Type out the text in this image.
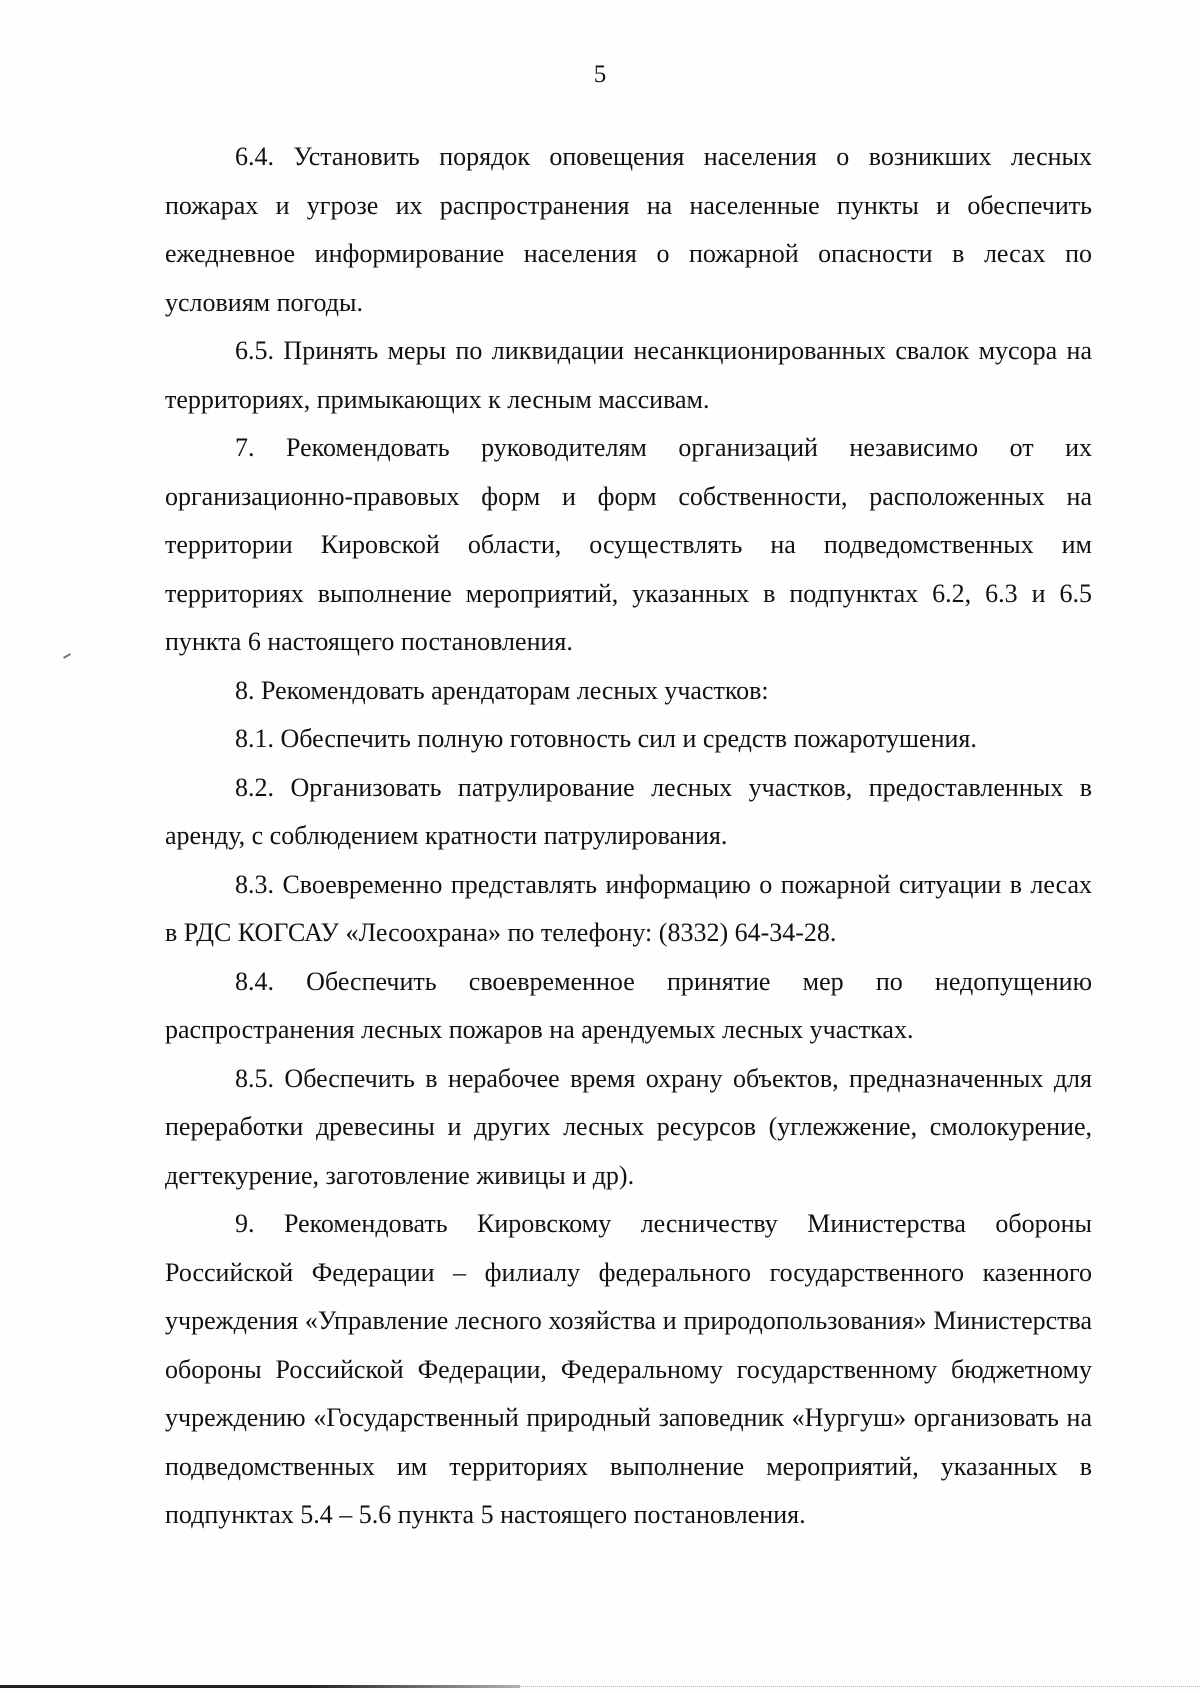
5

6.4. Установить порядок оповещения населения о возникших лесных пожарах и угрозе их распространения на населенные пункты и обеспечить ежедневное информирование населения о пожарной опасности в лесах по условиям погоды.

6.5. Принять меры по ликвидации несанкционированных свалок мусора на территориях, примыкающих к лесным массивам.

7. Рекомендовать руководителям организаций независимо от их организационно-правовых форм и форм собственности, расположенных на территории Кировской области, осуществлять на подведомственных им территориях выполнение мероприятий, указанных в подпунктах 6.2, 6.3 и 6.5 пункта 6 настоящего постановления.

8. Рекомендовать арендаторам лесных участков:

8.1. Обеспечить полную готовность сил и средств пожаротушения.

8.2. Организовать патрулирование лесных участков, предоставленных в аренду, с соблюдением кратности патрулирования.

8.3. Своевременно представлять информацию о пожарной ситуации в лесах в РДС КОГСАУ «Лесоохрана» по телефону: (8332) 64-34-28.

8.4. Обеспечить своевременное принятие мер по недопущению распространения лесных пожаров на арендуемых лесных участках.

8.5. Обеспечить в нерабочее время охрану объектов, предназначенных для переработки древесины и других лесных ресурсов (углежжение, смолокурение, дегтекурение, заготовление живицы и др).

9. Рекомендовать Кировскому лесничеству Министерства обороны Российской Федерации – филиалу федерального государственного казенного учреждения «Управление лесного хозяйства и природопользования» Министерства обороны Российской Федерации, Федеральному государственному бюджетному учреждению «Государственный природный заповедник «Нургуш» организовать на подведомственных им территориях выполнение мероприятий, указанных в подпунктах 5.4 – 5.6 пункта 5 настоящего постановления.
